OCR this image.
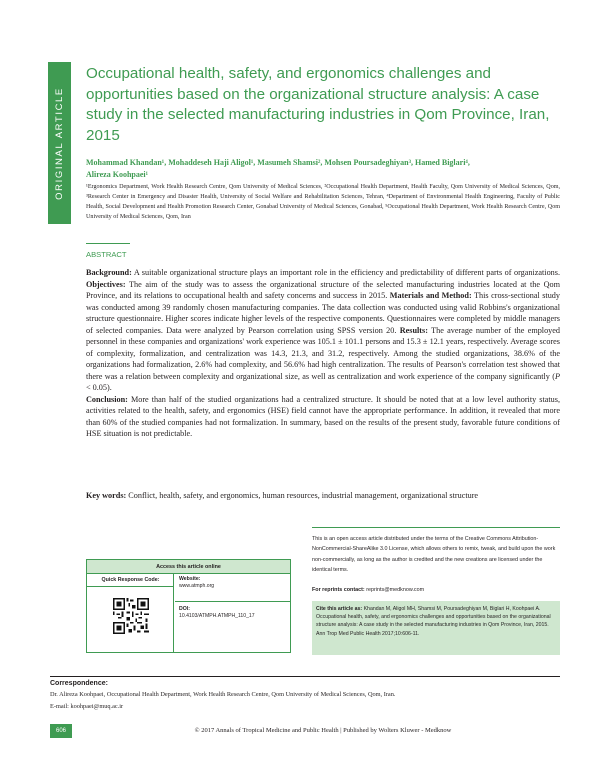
ORIGINAL ARTICLE
Occupational health, safety, and ergonomics challenges and opportunities based on the organizational structure analysis: A case study in the selected manufacturing industries in Qom Province, Iran, 2015
Mohammad Khandan¹, Mohaddeseh Haji Aligol¹, Masumeh Shamsi², Mohsen Poursadeghiyan³, Hamed Biglari⁴,
Alireza Koohpaei¹
¹Ergonomics Department, Work Health Research Centre, Qom University of Medical Sciences, ²Occupational Health Department, Health Faculty, Qom University of Medical Sciences, Qom, ³Research Center in Emergency and Disaster Health, University of Social Welfare and Rehabilitation Sciences, Tehran, ⁴Department of Environmental Health Engineering, Faculty of Public Health, Social Development and Health Promotion Research Center, Gonabad University of Medical Sciences, Gonabad, ⁵Occupational Health Department, Work Health Research Centre, Qom University of Medical Sciences, Qom, Iran
ABSTRACT
Background: A suitable organizational structure plays an important role in the efficiency and predictability of different parts of organizations. Objectives: The aim of the study was to assess the organizational structure of the selected manufacturing industries located at the Qom Province, and its relations to occupational health and safety concerns and success in 2015. Materials and Method: This cross-sectional study was conducted among 39 randomly chosen manufacturing companies. The data collection was conducted using valid Robbins's organizational structure questionnaire. Higher scores indicate higher levels of the respective components. Questionnaires were completed by middle managers of selected companies. Data were analyzed by Pearson correlation using SPSS version 20. Results: The average number of the employed personnel in these companies and organizations' work experience was 105.1 ± 101.1 persons and 15.3 ± 12.1 years, respectively. Average scores of complexity, formalization, and centralization was 14.3, 21.3, and 31.2, respectively. Among the studied organizations, 38.6% of the organizations had formalization, 2.6% had complexity, and 56.6% had high centralization. The results of Pearson's correlation test showed that there was a relation between complexity and organizational size, as well as centralization and work experience of the company significantly (P < 0.05).
Conclusion: More than half of the studied organizations had a centralized structure. It should be noted that at a low level authority status, activities related to the health, safety, and ergonomics (HSE) field cannot have the appropriate performance. In addition, it revealed that more than 60% of the studied companies had not formalization. In summary, based on the results of the present study, favorable future conditions of HSE situation is not predictable.
Key words: Conflict, health, safety, and ergonomics, human resources, industrial management, organizational structure
Access this article online
Quick Response Code:	Website:
www.atmph.org
DOI:
10.4103/ATMPH.ATMPH_110_17
This is an open access article distributed under the terms of the Creative Commons Attribution-NonCommercial-ShareAlike 3.0 License, which allows others to remix, tweak, and build upon the work non-commercially, as long as the author is credited and the new creations are licensed under the identical terms.
For reprints contact: reprints@medknow.com
Cite this article as: Khandan M, Aligol MH, Shamsi M, Poursadeghiyan M, Biglari H, Koohpaei A. Occupational health, safety, and ergonomics challenges and opportunities based on the organizational structure analysis: A case study in the selected manufacturing industries in Qom Province, Iran, 2015. Ann Trop Med Public Health 2017;10:606-11.
Correspondence:
Dr. Alireza Koohpaei, Occupational Health Department, Work Health Research Centre, Qom University of Medical Sciences, Qom, Iran.
E-mail: koohpaei@muq.ac.ir
606	© 2017 Annals of Tropical Medicine and Public Health | Published by Wolters Kluwer - Medknow
